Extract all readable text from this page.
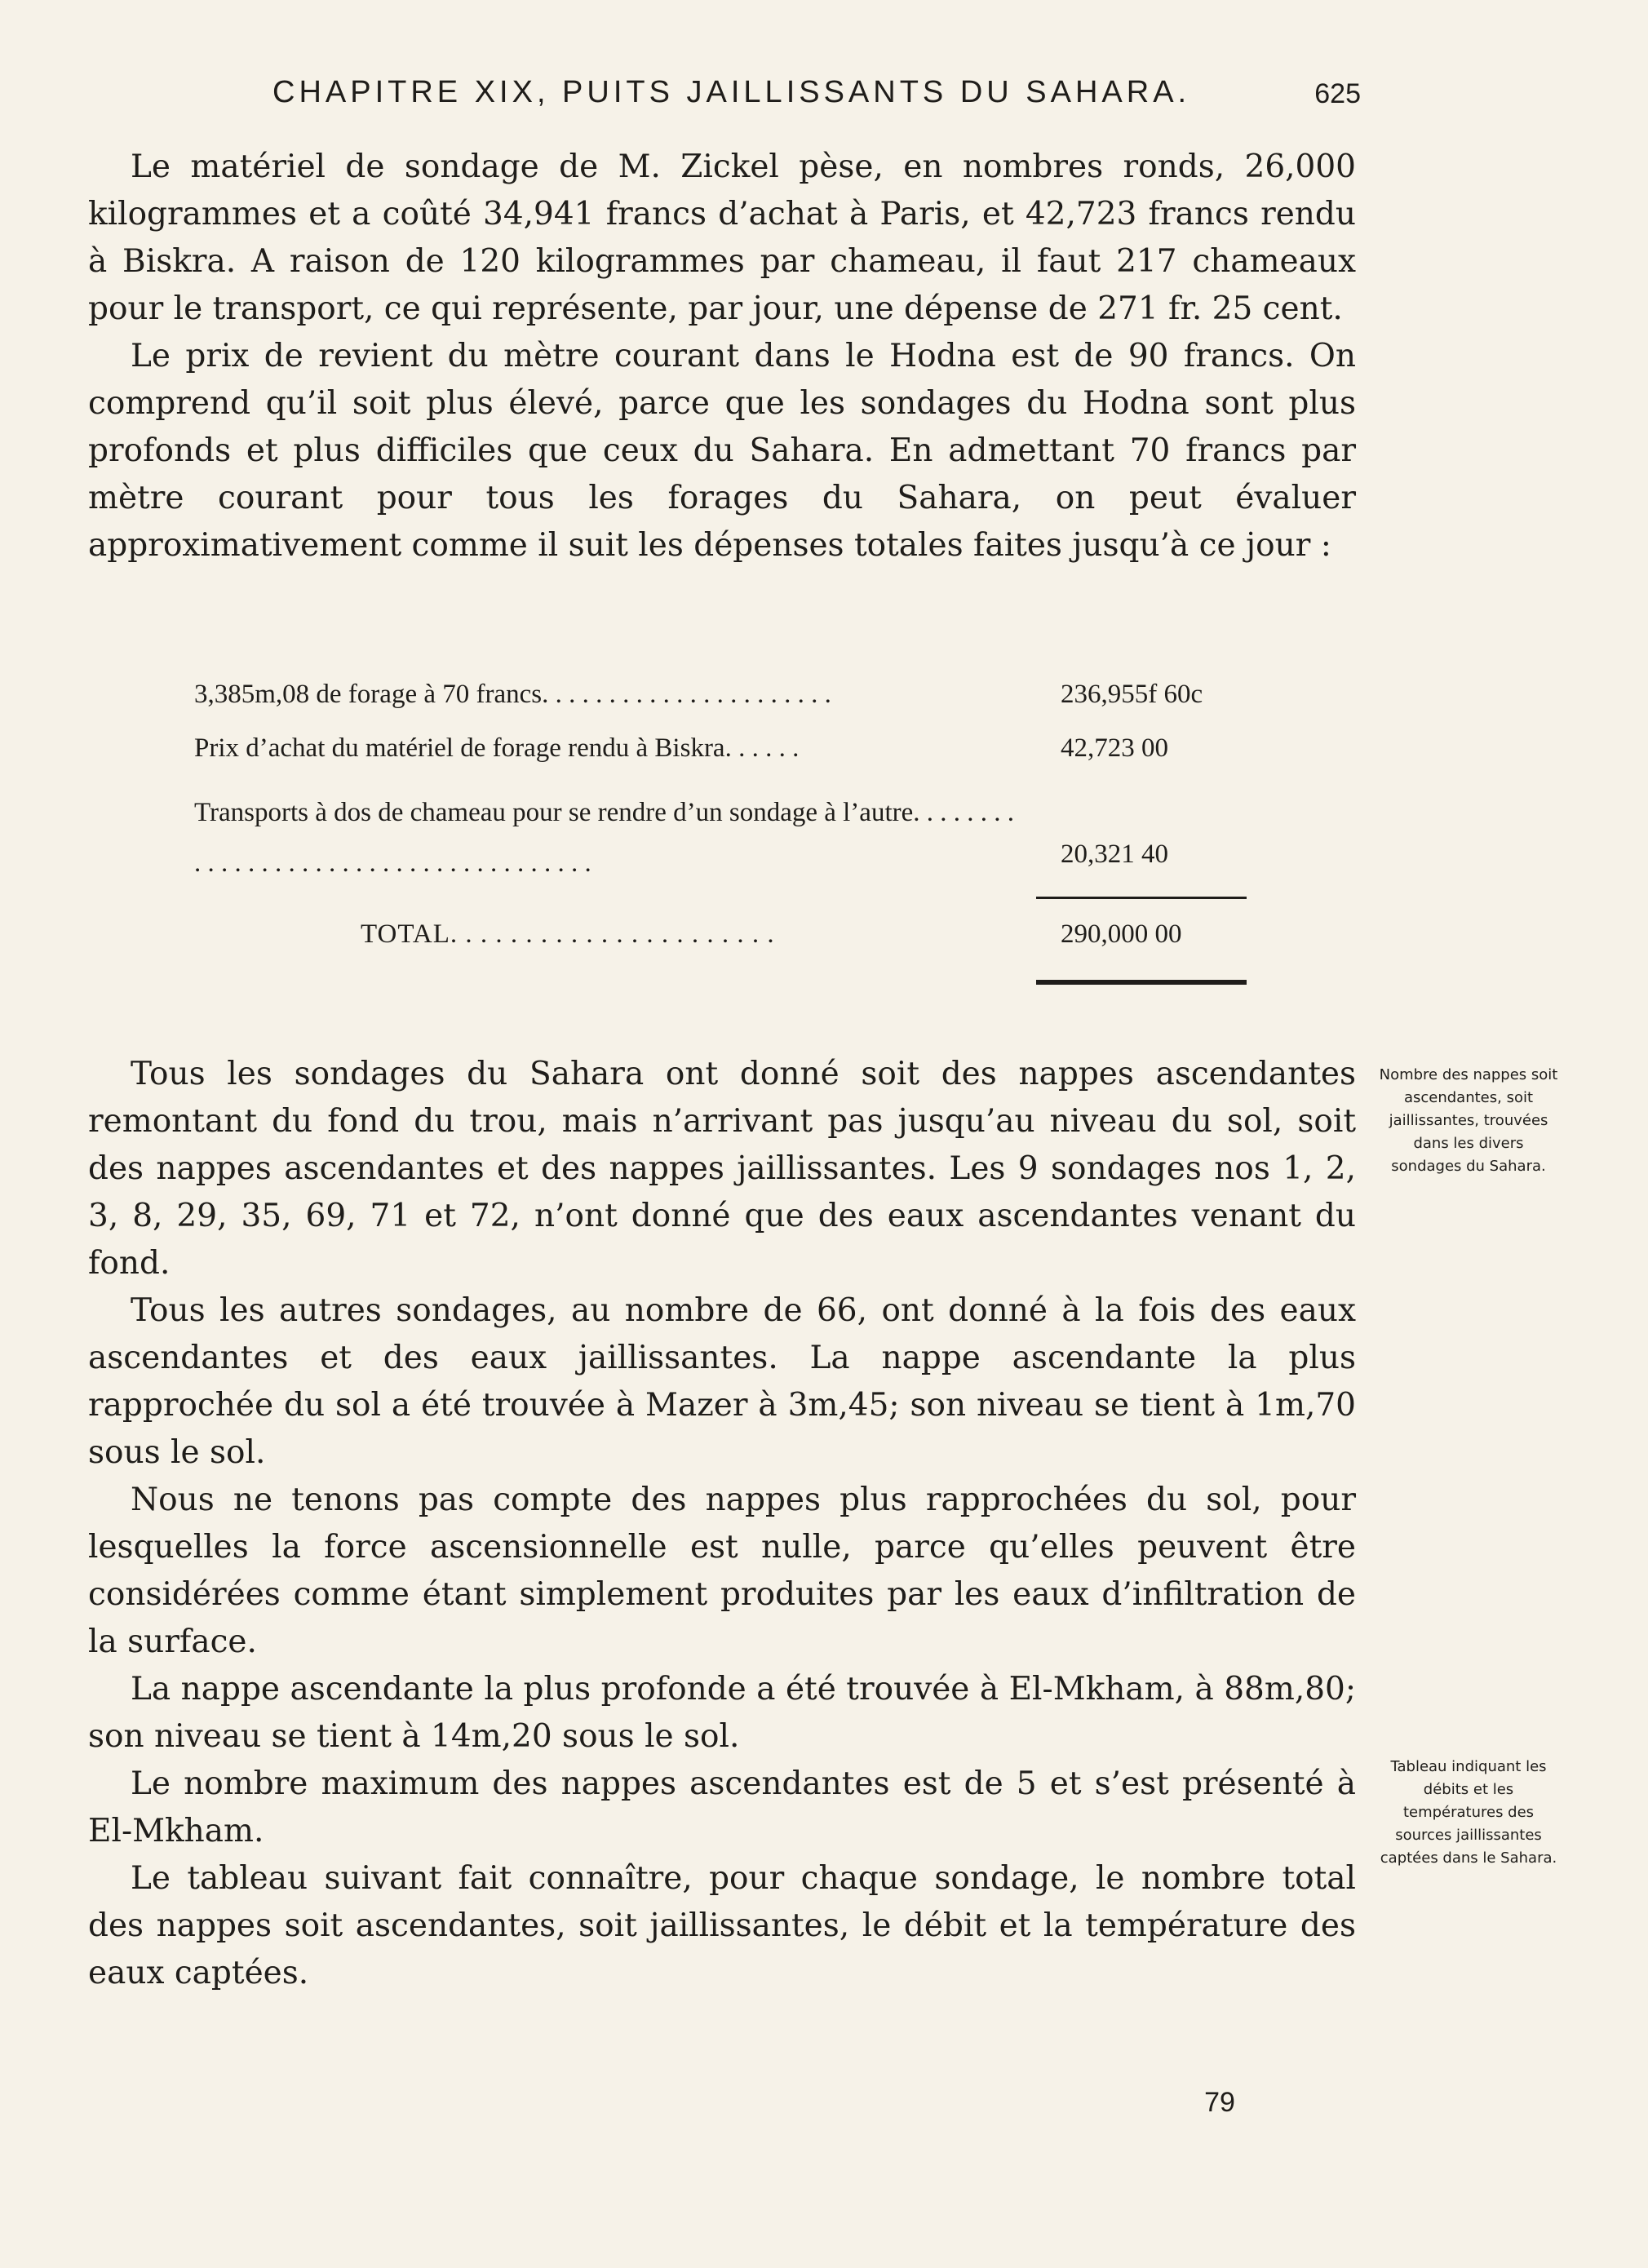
CHAPITRE XIX, PUITS JAILLISSANTS DU SAHARA.	625

Le matériel de sondage de M. Zickel pèse, en nombres ronds, 26,000 kilogrammes et a coûté 34,941 francs d’achat à Paris, et 42,723 francs rendu à Biskra. A raison de 120 kilogrammes par chameau, il faut 217 chameaux pour le transport, ce qui représente, par jour, une dépense de 271 fr. 25 cent.

Le prix de revient du mètre courant dans le Hodna est de 90 francs. On comprend qu’il soit plus élevé, parce que les sondages du Hodna sont plus profonds et plus difficiles que ceux du Sahara. En admettant 70 francs par mètre courant pour tous les forages du Sahara, on peut évaluer approximativement comme il suit les dépenses totales faites jusqu’à ce jour :

3,385m,08 de forage à 70 francs. . . . . . . . . . . . . . . . . . . . . .	236,955f 60c
Prix d’achat du matériel de forage rendu à Biskra. . . . . .	42,723 00
Transports à dos de chameau pour se rendre d’un sondage à l’autre. . . . . . . . . . . . . . . . . . . . . . . . . . . . . . . . . . . . . .	20,321 40
TOTAL. . . . . . . . . . . . . . . . . . . . . .	290,000 00

Tous les sondages du Sahara ont donné soit des nappes ascendantes remontant du fond du trou, mais n’arrivant pas jusqu’au niveau du sol, soit des nappes ascendantes et des nappes jaillissantes. Les 9 sondages nos 1, 2, 3, 8, 29, 35, 69, 71 et 72, n’ont donné que des eaux ascendantes venant du fond.

Tous les autres sondages, au nombre de 66, ont donné à la fois des eaux ascendantes et des eaux jaillissantes. La nappe ascendante la plus rapprochée du sol a été trouvée à Mazer à 3m,45; son niveau se tient à 1m,70 sous le sol.

Nous ne tenons pas compte des nappes plus rapprochées du sol, pour lesquelles la force ascensionnelle est nulle, parce qu’elles peuvent être considérées comme étant simplement produites par les eaux d’infiltration de la surface.

La nappe ascendante la plus profonde a été trouvée à El-Mkham, à 88m,80; son niveau se tient à 14m,20 sous le sol.

Le nombre maximum des nappes ascendantes est de 5 et s’est présenté à El-Mkham.

Le tableau suivant fait connaître, pour chaque sondage, le nombre total des nappes soit ascendantes, soit jaillissantes, le débit et la température des eaux captées.

Nombre des nappes soit ascendantes, soit jaillissantes, trouvées dans les divers sondages du Sahara.
Tableau indiquant les débits et les températures des sources jaillissantes captées dans le Sahara.
79
